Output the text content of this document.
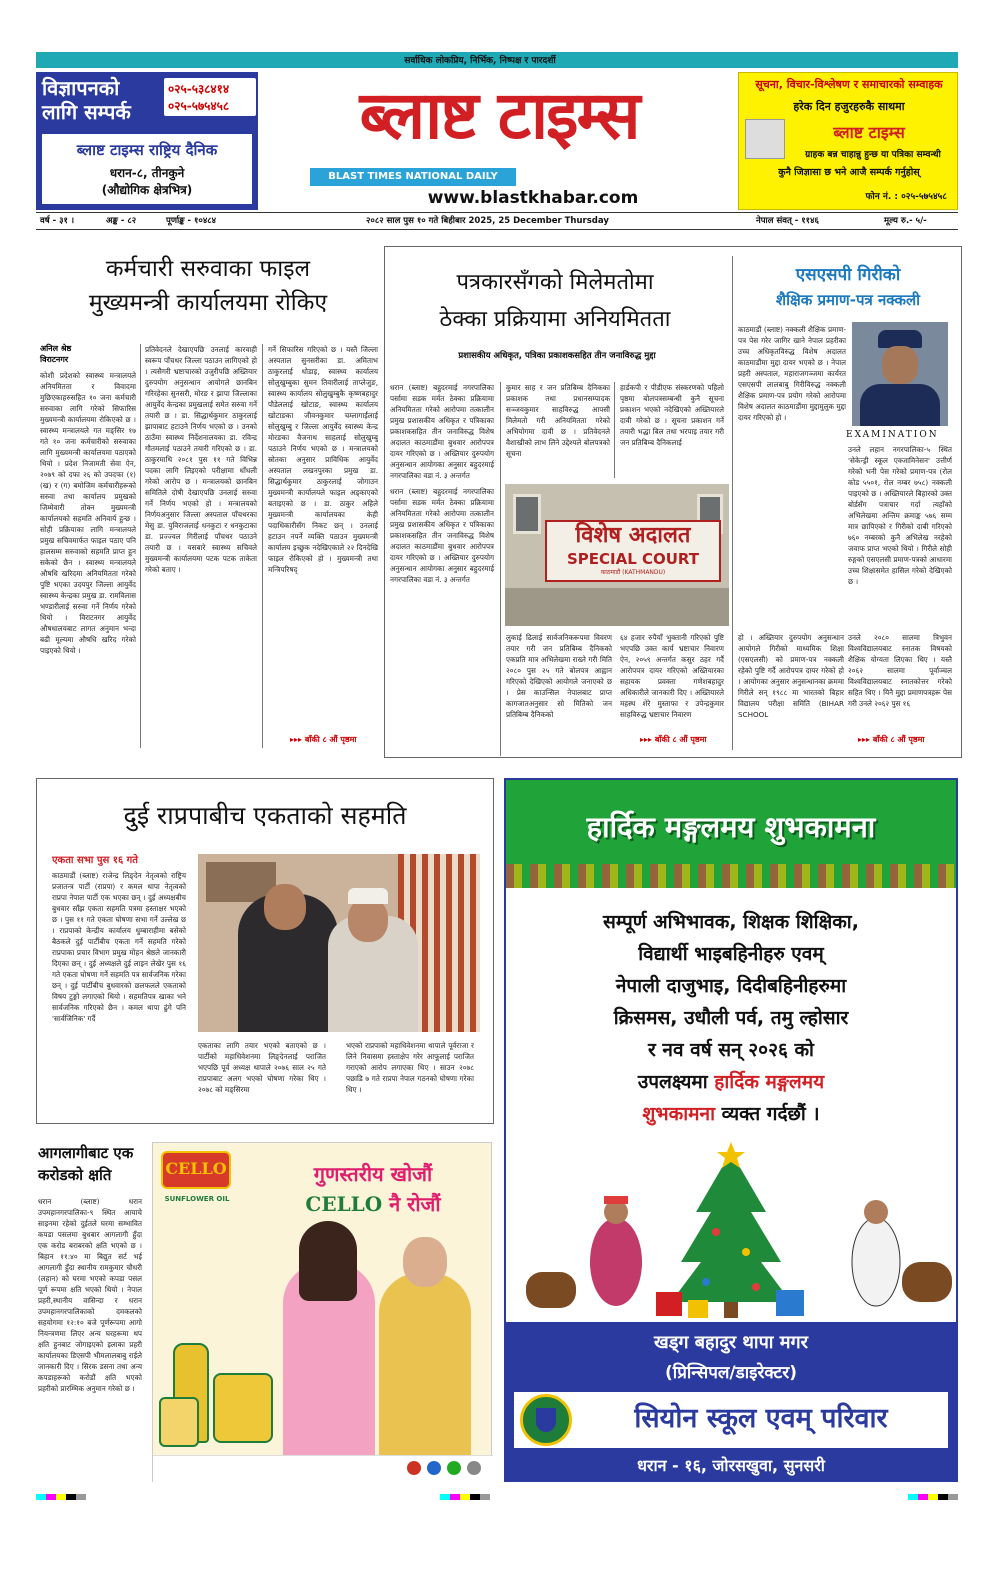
सर्वाधिक लोकप्रिय, निर्भिक, निष्पक्ष र पारदर्शी
विज्ञापनको
लागि सम्पर्क
०२५-५३८४१४
०२५-५७५४५८
ब्लाष्ट टाइम्स राष्ट्रिय दैनिक
धरान-८, तीनकुने
(औद्योगिक क्षेत्रभित्र)
ब्लाष्ट टाइम्स
BLAST TIMES NATIONAL DAILY
www.blastkhabar.com
सूचना, विचार-विश्लेषण र समाचारको सम्वाहक
हरेक दिन हजुरहरुकै साथमा
ब्लाष्ट टाइम्स
ग्राहक बन्न चाहान्नु हुन्छ या पत्रिका सम्वन्धी
कुनै जिज्ञासा छ भने आजै सम्पर्क गर्नुहोस्
फोन नं. : ०२५-५७५४५८
वर्ष - ३१ ।	अङ्क - ८२	पूर्णाङ्क - १०४८४	२०८२ साल पुस १० गते बिहीबार 2025, 25 December Thursday	नेपाल संवत् - ११४६	मूल्य रु.- ५/-
कर्मचारी सरुवाका फाइल
मुख्यमन्त्री कार्यालयमा रोकिए
अनिल श्रेष्ठ
विराटनगर
कोशी प्रदेशको स्वास्थ्य मन्त्रालयले अनियमितता र विवादमा मुछिएकाहरुसहित १० जना कर्मचारी सरुवाका लागि गरेको सिफारिस मुख्यमन्त्री कार्यालयमा रोकिएको छ । स्वास्थ्य मन्त्रालयले गत मङ्सिर १७ गते १० जना कर्मचारीको सरुवाका लागि मुख्यमन्त्री कार्यालयमा पठाएको थियो । प्रदेश निजामती सेवा ऐन, २०७९ को दफा २६ को उपदफा (१) (ख) र (ग) बमोजिम कर्मचारीहरूको सरुवा तथा कार्यालय प्रमुखको जिम्मेवारी तोक्न मुख्यमन्त्री कार्यालयको सहमति अनिवार्य हुन्छ । सोही प्रक्रियाका लागि मन्त्रालयले प्रमुख सचिवमार्फत फाइल पठाए पनि हालसम्म सरुवाको सहमति प्राप्त हुन सकेको छैन । स्वास्थ्य मन्त्रालयले औषधि खरिदमा अनियमितता गरेको पुष्टि भएका उदयपुर जिल्ला आयुर्वेद स्वास्थ्य केन्द्रका प्रमुख डा. रामविलास भण्डारीलाई सरुवा गर्ने निर्णय गरेको थियो । विराटनगर आयुर्वेद औषधालयबाट लागत अनुमान भन्दा बढी मूल्यमा औषधि खरिद गरेको पाइएको थियो ।
प्रतिवेदनले देखाएपछि उनलाई कारवाही स्वरूप पाँचथर जिल्ला पठाउन लागिएको हो । त्यसैगरी भ्रष्टाचारको उजुरीपछि अख्तियार दुरुपयोग अनुसन्धान आयोगले छानबिन गरिरहेका सुनसरी, मोरङ र झापा जिल्लाका आयुर्वेद केन्द्रका प्रमुखलाई समेत सरुवा गर्ने तयारी छ । डा. सिद्धार्थकुमार ठाकुरलाई झापाबाट हटाउने निर्णय भएको छ । उनको ठाउँमा स्वास्थ्य निर्देशनालयका डा. रविन्द्र गौतमलाई पठाउने तयारी गरिएको छ । डा. ठाकुरमाथि २०८१ पुस ११ गते विभिन्न पदका लागि लिइएको परीक्षामा धाँधली गरेको आरोप छ । मन्त्रालयको छानबिन समितिले दोषी देखाएपछि उनलाई सरुवा गर्ने निर्णय भएको हो । मन्त्रालयको निर्णयअनुसार जिल्ला अस्पताल पाँचथरका मेसु डा. युविराजलाई धनकुटा र धनकुटाका डा. प्रज्ज्वल गिरीलाई पाँचथर पठाउने तयारी छ । यसबारे स्वास्थ्य सचिवले मुख्यमन्त्री कार्यालयमा पटक पटक ताकेता गरेको बताए ।
गर्ने सिफारिस गरिएको छ । यस्तै जिल्ला अस्पताल सुनसरीका डा. अमिताभ ठाकुरलाई धोडाइ, स्वास्थ्य कार्यालय सोलुखुम्बुका सुमन तिवारीलाई ताप्लेजुङ, स्वास्थ्य कार्यालय सोलुखुम्बुकै कृष्णबहादुर पौडेललाई खोटाङ, स्वास्थ्य कार्यालय खोटाङका जीवनकुमार चम्लागाईंलाई सोलुखुम्बु र जिल्ला आयुर्वेद स्वास्थ्य केन्द्र मोरङका वैजनाथ साहलाई सोलुखुम्बु पठाउने निर्णय भएको छ । मन्त्रालयको स्रोतका अनुसार प्राविधिक आयुर्वेद अस्पताल लखनपुरका प्रमुख डा. सिद्धार्थकुमार ठाकुरलाई जोगाउन मुख्यमन्त्री कार्यालयले फाइल अड्काएको बताइएको छ । डा. ठाकुर अहिले मुख्यमन्त्री कार्यालयका केही पदाधिकारीसँग निकट छन् । उनलाई हटाउन नपर्ने व्यक्ति पठाउन मुख्यमन्त्री कार्यालय इच्छुक नदेखिएकाले २२ दिनदेखि फाइल रोकिएको हो । मुख्यमन्त्री तथा मन्त्रिपरिषद्
▸▸▸ बाँकी ८ औं पृष्ठमा
पत्रकारसँगको मिलेमतोमा
ठेक्का प्रक्रियामा अनियमितता
प्रशासकीय अधिकृत, पत्रिका प्रकाशकसहित तीन जनाविरुद्ध मुद्दा
धरान (ब्लाष्ट) बहुदरमाई नगरपालिका पर्सामा सडक मर्मत ठेक्का प्रक्रियामा अनियमितता गरेको आरोपमा तत्कालीन प्रमुख प्रशासकीय अधिकृत र पत्रिकाका प्रकाशकसहित तीन जनाविरुद्ध विशेष अदालत काठमाडौंमा बुधवार आरोपपत्र दायर गरिएको छ । अख्तियार दुरुपयोग अनुसन्धान आयोगका अनुसार बहुदरमाई नगरपालिका वडा नं. ३ अन्तर्गत
कुमार साह र जन प्रतिबिम्ब दैनिकका प्रकाशक तथा प्रधानसम्पादक सञ्जयकुमार साहविरुद्ध आपसी मिलेमतो गरी अनियमितता गरेको अभियोगमा दावी छ । प्रतिवेदनले वैशाखीको लाभ लिने उद्देश्यले बोलपत्रको सूचना
हार्डकपी र पीडीएफ संस्करणको पहिलो पृष्ठमा बोलपत्रसम्बन्धी कुनै सूचना प्रकाशन भएको नदेखिएको अख्तियारले दावी गरेको छ । सूचना प्रकाशन गर्ने तयारी भद्धा बिल तथा भरपाइ तयार गरी जन प्रतिबिम्ब दैनिकलाई
विशेष अदालत
SPECIAL COURT
काठमाडौं (KATHMANDU)
लुकाई ढिलाई सार्वजनिकरूपमा विवरण तयार गरी जन प्रतिबिम्ब दैनिकको एकप्रति मात्र अभिलेखमा राख्ने गरी मिति २०८० पुस २५ गते बोलपत्र आह्वान गरिएको देखिएको आयोगले जनाएको छ । प्रेस काउन्सिल नेपालबाट प्राप्त कागजातअनुसार सो मितिको जन प्रतिबिम्ब दैनिकको
६४ हजार रुपैयाँ भुक्तानी गरिएको पुष्टि भएपछि उक्त कार्य भ्रष्टाचार निवारण ऐन, २०५९ अन्तर्गत कसुर ठहर गर्दै आरोपपत्र दायर गरिएको अख्तियारका सहायक प्रवक्ता गणेशबहादुर अधिकारीले जानकारी दिए । अख्तियारले महस्थ शेरे मुस्ताफा र उपेन्द्रकुमार साहविरुद्ध भ्रष्टाचार निवारण
धरान (ब्लाष्ट) बहुदरमाई नगरपालिका पर्सामा सडक मर्मत ठेक्का प्रक्रियामा अनियमितता गरेको आरोपमा तत्कालीन प्रमुख प्रशासकीय अधिकृत र पत्रिकाका प्रकाशकसहित तीन जनाविरुद्ध विशेष अदालत काठमाडौंमा बुधवार आरोपपत्र दायर गरिएको छ । अख्तियार दुरुपयोग अनुसन्धान आयोगका अनुसार बहुदरमाई नगरपालिका वडा नं. ३ अन्तर्गत
▸▸▸ बाँकी ८ औं पृष्ठमा
एसएसपी गिरीको
शैक्षिक प्रमाण-पत्र नक्कली
EXAMINATION
काठमाडौं (ब्लाष्ट) नक्कली शैक्षिक प्रमाण-पत्र पेस गरेर जागिर खाने नेपाल प्रहरीका उच्च अधिकृतविरुद्ध विशेष अदालत काठमाडौंमा मुद्दा दायर भएको छ । नेपाल प्रहरी अस्पताल, महाराजगञ्जमा कार्यरत एसएसपी लालबाबु गिरीविरुद्ध नक्कली शैक्षिक प्रमाण-पत्र प्रयोग गरेको आरोपमा विशेष अदालत काठमाडौंमा मुद्दामुलुक मुद्दा दायर गरिएको हो ।
उनले लहान नगरपालिका-५ स्थित 'सेकेन्ड्री स्कूल एक्जामिनेसन' उत्तीर्ण गरेको भनी पेस गरेको प्रमाण-पत्र (रोल कोड ५५०१, रोल नम्बर ७५८) नक्कली पाइएको छ । अख्तियारले बिहारको उक्त बोर्डसँग पत्राचार गर्दा त्यहाँको अभिलेखमा अन्तिम क्रमाङ्क ५७६ सम्म मात्र छापिएको र गिरीको दाबी गरिएको ७६० नम्बरको कुनै अभिलेख नरहेको जवाफ प्राप्त भएको थियो । गिरीले सोही रुङ्गको एसएलसी प्रमाण-पत्रको आधारमा उच्च शिक्षासमेत हासिल गरेको देखिएको छ ।
हो । अख्तियार दुरुपयोग अनुसन्धान आयोगले गिरीको माध्यमिक शिक्षा (एसएलसी) को प्रमाण-पत्र नक्कली रहेको पुष्टि गर्दै आरोपपत्र दायर गरेको हो । आयोगका अनुसार अनुसन्धानका क्रममा गिरीले सन् १९८८ मा भारतको बिहार विद्यालय परीक्षा समिति (BIHAR SCHOOL
उनले २०८० सालमा त्रिभुवन विश्वविद्यालयबाट स्नातक विषयको शैक्षिक योग्यता लिएका थिए । यस्तै २०६२ सालमा पूर्वाञ्चल विश्वविद्यालयबाट स्नातकोत्तर गरेको सहित थिए । यिनै मुद्दा प्रमाणपत्रहरू पेस गरी उनले २०६२ पुस १६
▸▸▸ बाँकी ८ औं पृष्ठमा
दुई राप्रपाबीच एकताको सहमति
एकता सभा पुस १६ गते
काठमाडौं (ब्लाष्ट) राजेन्द्र लिङ्देन नेतृत्वको राष्ट्रिय प्रजातन्त्र पार्टी (राप्रपा) र कमल थापा नेतृत्वको राप्रपा नेपाल पार्टी एक भएका छन् । दुई अध्यक्षबीच बुधवार साँझ एकता सहमति पत्रमा हस्ताक्षर भएको छ । पुस ११ गते एकता घोषणा सभा गर्ने उल्लेख छ । राप्रपाको केन्द्रीय कार्यालय धुम्बाराहीमा बसेको बैठकले दुई पार्टीबीच एकता गर्ने सहमति गरेको राप्रपाका प्रचार विभाग प्रमुख मोहन श्रेष्ठले जानकारी दिएका छन् । दुई अध्यक्षले दुई लाइन लेखेर पुस १६ गते एकता घोषणा गर्ने सहमति पत्र सार्वजनिक गरेका छन् । दुई पार्टीबीच बुधवारको छलफलले एकताको विषय टुङ्गो लगाएको थियो । सहमतिपत्र खाका भने सार्वजनिक गरिएको छैन । कमल थापा ढुंगे पनि 'सार्वजिनिक' गर्दै
एकताका लागि तयार भएको बताएको छ । पार्टीको महाधिवेशनमा लिङ्देनलाई पराजित भएपछि पूर्व अध्यक्ष थापाले २०७६ साल २५ गते राप्रपाबाट अलग भएको घोषणा गरेका थिए । २०७८ को मङ्सिरमा
भएको राप्रपाको महाधिवेशनमा थापाले पूर्वराजा र लिने निवासमा हस्ताक्षेप गरेर आफूलाई पराजित गराएको आरोप लगाएका थिए । साउन २०७८ पछाडि ७ गते राप्रपा नेपाल गठनको घोषणा गरेका थिए ।
आगलागीबाट एक
करोडको क्षति
धरान (ब्लाष्ट) धरान उपमहानगरपालिका-९ स्थित आयाचे साइनमा रहेको दुईतले घरमा सम्भावित कपडा पसलमा बुधबार आगलागी हुँदा एक करोड बराबरको क्षति भएको छ । बिहान ११:४० मा बिद्युत सर्ट भई आगलागी हुँदा स्थानीय रामकुमार चौधरी (लहान) को घरमा भएको कपडा पसल पूर्ण रूपमा क्षति भएको थियो । नेपाल प्रहरी,स्थानीय वासिन्दा र धरान उपमहानगरपालिकाको दमकलको सहयोगमा १२:१० बजे पूर्णरूपमा आगो नियन्त्रणमा लिएर अन्य घरहरूमा थप क्षति हुनबाट जोगाइएको इलाका प्रहरी कार्यालयका डिएसपी भीमलालबाबु राईले जानकारी दिए । सिरक डसना तथा अन्य कपडाहरूको करोडौं क्षति भएको प्रहरीको प्रारम्भिक अनुमान गरेको छ ।
CELLO
SUNFLOWER OIL
गुणस्तरीय खोजौं
CELLO नै रोजौं
हार्दिक मङ्गलमय शुभकामना
सम्पूर्ण अभिभावक, शिक्षक शिक्षिका,
विद्यार्थी भाइबहिनीहरु एवम्
नेपाली दाजुभाइ, दिदीबहिनीहरुमा
क्रिसमस, उधौली पर्व, तमु ल्होसार
र नव वर्ष सन् २०२६ को
उपलक्ष्यमा हार्दिक मङ्गलमय
शुभकामना व्यक्त गर्दछौं ।
खड्ग बहादुर थापा मगर
(प्रिन्सिपल/डाइरेक्टर)
सियोन स्कूल एवम् परिवार
धरान - १६, जोरसखुवा, सुनसरी
